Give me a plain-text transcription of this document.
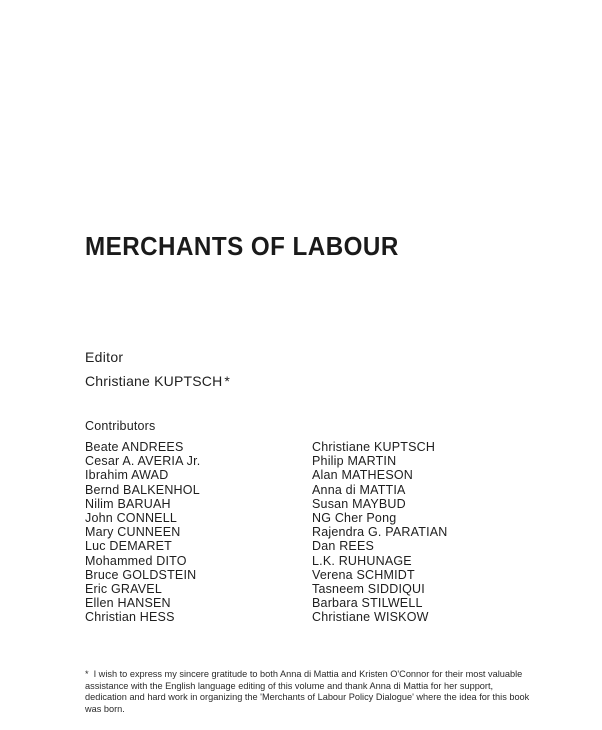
MERCHANTS OF LABOUR
Editor
Christiane KUPTSCH *
Contributors
Beate ANDREES
Cesar A. AVERIA Jr.
Ibrahim AWAD
Bernd BALKENHOL
Nilim BARUAH
John CONNELL
Mary CUNNEEN
Luc DEMARET
Mohammed DITO
Bruce GOLDSTEIN
Eric GRAVEL
Ellen HANSEN
Christian HESS
Christiane KUPTSCH
Philip MARTIN
Alan MATHESON
Anna di MATTIA
Susan MAYBUD
NG Cher Pong
Rajendra G. PARATIAN
Dan REES
L.K. RUHUNAGE
Verena SCHMIDT
Tasneem SIDDIQUI
Barbara STILWELL
Christiane WISKOW

* I wish to express my sincere gratitude to both Anna di Mattia and Kristen O'Connor for their most valuable assistance with the English language editing of this volume and thank Anna di Mattia for her support, dedication and hard work in organizing the 'Merchants of Labour Policy Dialogue' where the idea for this book was born.
